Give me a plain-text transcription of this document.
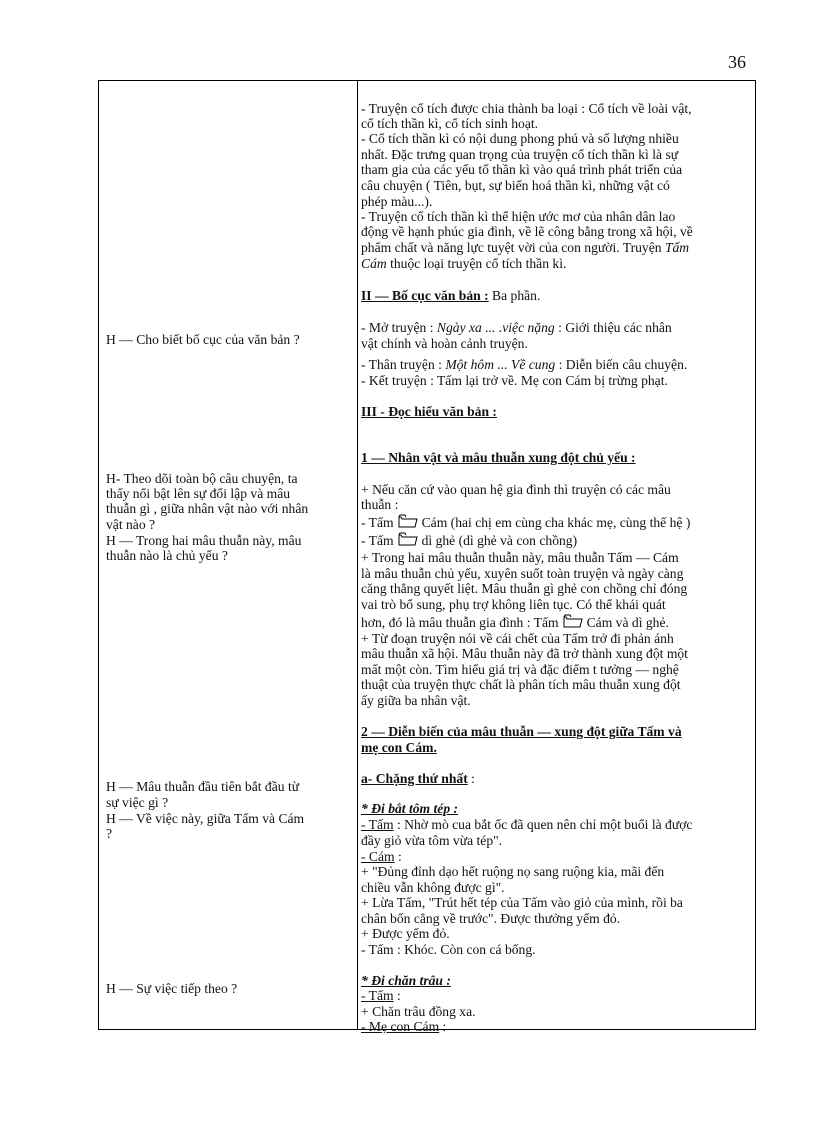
36
H — Cho biết bố cục của văn bản ?
H- Theo dõi toàn bộ câu chuyện, ta
thấy nổi bật lên sự đối lập và mâu
thuẫn gì , giữa nhân vật nào với nhân
vật nào ?
H — Trong hai mâu thuẫn này, mâu
thuẫn nào là chủ yếu ?
H — Mâu thuẫn đầu tiên bắt đầu từ
sự việc gì ?
H — Về việc này, giữa Tấm và Cám
?
H — Sự việc tiếp theo ?
- Truyện cổ tích được chia thành ba loại : Cổ tích về loài vật,
cổ tích thần kì, cổ tích sinh hoạt.
- Cổ tích thần kì có nội dung phong phú và số lượng nhiều
nhất. Đặc trưng quan trọng của truyện cổ tích thần kì là sự
tham gia của các yếu tố thần kì vào quá trình phát triển của
câu chuyện ( Tiên, bụt, sự biến hoá thần kì, những vật có
phép màu...).
- Truyện cổ tích thần kì thể hiện ước mơ của nhân dân lao
động về hạnh phúc gia đình, về lẽ công bằng trong xã hội, về
phẩm chất và năng lực tuyệt vời của con người. Truyện Tấm
Cám thuộc loại truyện cổ tích thần kì.
II — Bố cục văn bản : Ba phần.
- Mở truyện : Ngày xa ... .việc nặng : Giới thiệu các nhân
vật chính và hoàn cảnh truyện.
- Thân truyện : Một hôm ... Về cung : Diễn biến câu chuyện.
- Kết truyện : Tấm lại trở về. Mẹ con Cám bị trừng phạt.
III - Đọc hiểu văn bản :
1 — Nhân vật và mâu thuẫn xung đột chủ yếu :
+ Nếu căn cứ vào quan hệ gia đình thì truyện có các mâu
thuẫn :
- Tấm Cám (hai chị em cùng cha khác mẹ, cùng thế hệ )
- Tấm dì ghẻ (dì ghẻ và con chồng)
+ Trong hai mâu thuẫn thuẫn này, mâu thuẫn Tấm — Cám
là mâu thuẫn chủ yếu, xuyên suốt toàn truyện và ngày càng
căng thẳng quyết liệt. Mâu thuẫn gì ghẻ con chồng chỉ đóng
vai trò bổ sung, phụ trợ không liên tục. Có thể khái quát
hơn, đó là mâu thuẫn gia đình : Tấm Cám và dì ghẻ.
+ Từ đoạn truyện nói về cái chết của Tấm trở đi phản ánh
mâu thuẫn xã hội. Mâu thuẫn này đã trở thành xung đột một
mất một còn. Tìm hiểu giá trị và đặc điểm t tưởng — nghệ
thuật của truyện thực chất là phân tích mâu thuẫn xung đột
ấy giữa ba nhân vật.
2 — Diễn biến của mâu thuẫn — xung đột giữa Tấm và
mẹ con Cám.
a- Chặng thứ nhất :
* Đi bắt tôm tép :
- Tấm : Nhờ mò cua bắt ốc đã quen nên chỉ một buổi là được
đầy giỏ vừa tôm vừa tép".
- Cám :
+ "Đủng đỉnh dạo hết ruộng nọ sang ruộng kia, mãi đến
chiều vẫn không được gì".
+ Lừa Tấm, "Trút hết tép của Tấm vào giỏ của mình, rồi ba
chân bốn cẳng về trước". Được thưởng yếm đỏ.
+ Được yếm đỏ.
- Tấm : Khóc. Còn con cá bống.
* Đi chăn trâu :
- Tấm :
+ Chăn trâu đồng xa.
- Mẹ con Cám :
